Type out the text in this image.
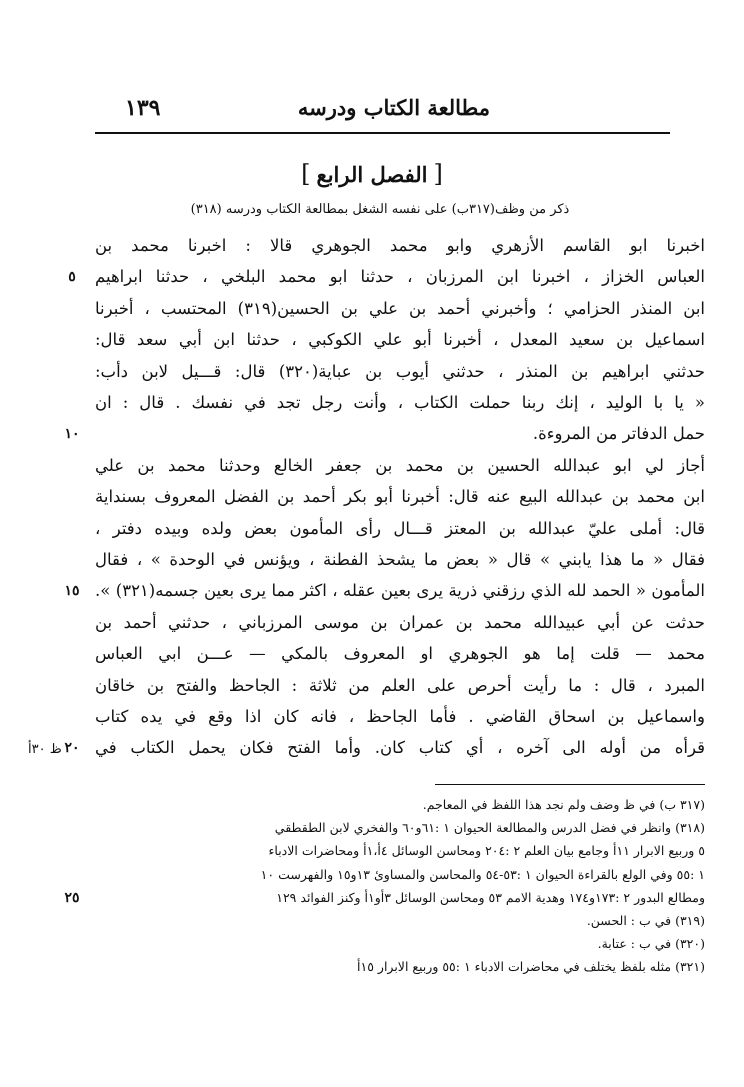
مطالعة الكتاب ودرسه
١٣٩
[الفصل الرابع]
ذكر من وظف(٣١٧ب) على نفسه الشغل بمطالعة الكتاب ودرسه (٣١٨)
اخبرنا ابو القاسم الأزهري وابو محمد الجوهري قالا : اخبرنا محمد بن
العباس الخزاز ، اخبرنا ابن المرزبان ، حدثنا ابو محمد البلخي ، حدثنا ابراهيم
٥
ابن المنذر الحزامي ؛ وأخبرني أحمد بن علي بن الحسين(٣١٩) المحتسب ، أخبرنا
اسماعيل بن سعيد المعدل ، أخبرنا أبو علي الكوكبي ، حدثنا ابن أبي سعد قال:
حدثني ابراهيم بن المنذر ، حدثني أيوب بن عباية(٣٢٠) قال: قـــيل لابن دأب:
« يا با الوليد ، إنك ربنا حملت الكتاب ، وأنت رجل تجد في نفسك . قال : ان
حمل الدفاتر من المروءة.
١٠
أجاز لي ابو عبدالله الحسين بن محمد بن جعفر الخالع وحدثنا محمد بن علي
ابن محمد بن عبدالله البيع عنه قال: أخبرنا أبو بكر أحمد بن الفضل المعروف بسنداية
قال: أملى عليّ عبدالله بن المعتز قـــال رأى المأمون بعض ولده وبيده دفتر ،
فقال « ما هذا يابني » قال « بعض ما يشحذ الفطنة ، ويؤنس في الوحدة » ، فقال
المأمون « الحمد لله الذي رزقني ذرية يرى بعين عقله ، اكثر مما يرى بعين جسمه(٣٢١) ».
١٥
حدثت عن أبي عبيدالله محمد بن عمران بن موسى المرزباني ، حدثني أحمد بن
محمد — قلت إما هو الجوهري او المعروف بالمكي — عـــن ابي العباس
المبرد ، قال : ما رأيت أحرص على العلم من ثلاثة : الجاحظ والفتح بن خاقان
واسماعيل بن اسحاق القاضي . فأما الجاحظ ، فانه كان اذا وقع في يده كتاب
قرأه من أوله الى آخره ، أي كتاب كان. وأما الفتح فكان يحمل الكتاب في
٢٠
ظ ٣٠أ
(٣١٧ ب) في ظ وضف ولم نجد هذا اللفظ في المعاجم.
(٣١٨) وانظر في فضل الدرس والمطالعة الحيوان ١ :٦١و٦٠ والفخري لابن الطقطقي
٥ وربيع الابرار ١١أ وجامع بيان العلم ٢ :٢٠٤ ومحاسن الوسائل ٤أ،١أ ومحاضرات الادباء
١ :٥٥ وفي الولع بالقراءة الحيوان ١ :٥٣-٥٤ والمحاسن والمساوئ ١٣و١٥ والفهرست ١٠
ومطالع البدور ٢ :١٧٣و١٧٤ وهدية الامم ٥٣ ومحاسن الوسائل ٣أو١أ وكنز الفوائد ١٢٩
٢٥
(٣١٩) في ب : الحسن.
(٣٢٠) في ب : عتابة.
(٣٢١) مثله بلفظ يختلف في محاضرات الادباء ١ :٥٥ وربيع الابرار ١٥أ
